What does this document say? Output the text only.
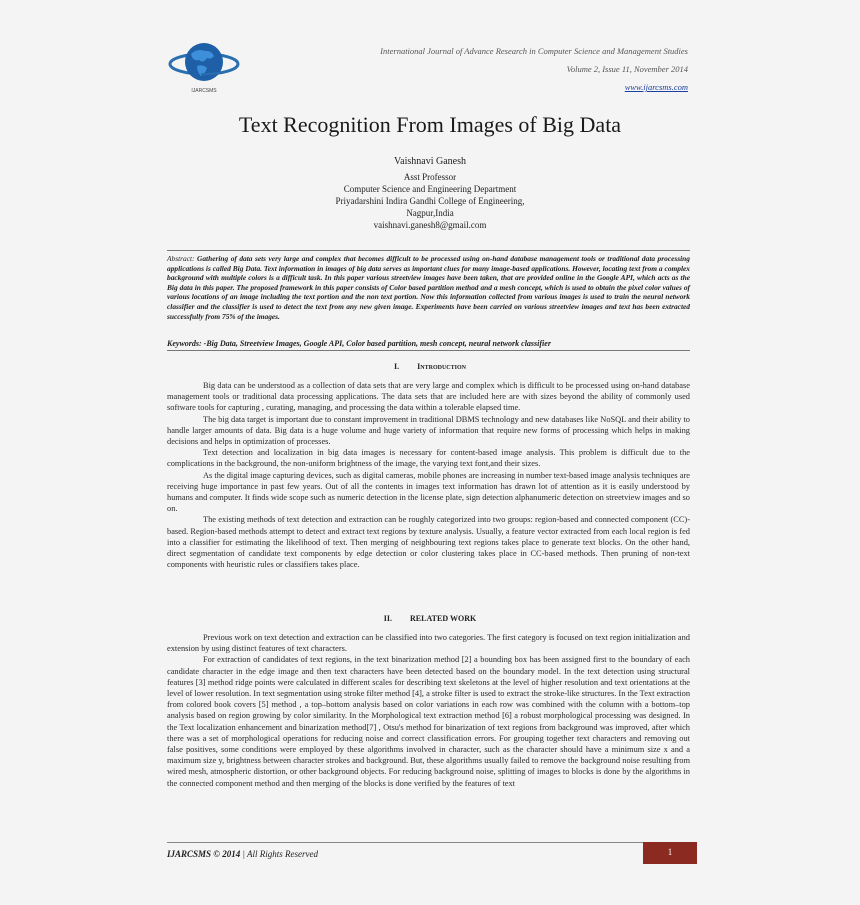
IJARCSMS
International Journal of Advance Research in Computer Science and Management Studies
Volume 2, Issue 11, November 2014
www.ijarcsms.com
Text Recognition From Images of Big Data
Vaishnavi Ganesh
Asst Professor
Computer Science and Engineering Department
Priyadarshini Indira Gandhi College of Engineering,
Nagpur,India
vaishnavi.ganesh8@gmail.com
Abstract: Gathering of data sets very large and complex that becomes difficult to be processed using on-hand database management tools or traditional data processing applications is called Big Data. Text information in images of big data serves as important clues for many image-based applications. However, locating text from a complex background with multiple colors is a difficult task. In this paper various streetview images have been taken, that are provided online in the Google API, which acts as the Big data in this paper. The proposed framework in this paper consists of Color based partition method and a mesh concept, which is used to obtain the pixel color values of various locations of an image including the text portion and the non text portion. Now this information collected from various images is used to train the neural network classifier and the classifier is used to detect the text from any new given image. Experiments have been carried on various streetview images and text has been extracted successfully from 75% of the images.
Keywords: -Big Data, Streetview Images, Google API, Color based partition, mesh concept, neural network classifier
I. Introduction

Big data can be understood as a collection of data sets that are very large and complex which is difficult to be processed using on-hand database management tools or traditional data processing applications. The data sets that are included here are with sizes beyond the ability of commonly used software tools for capturing , curating, managing, and processing the data within a tolerable elapsed time.

The big data target is important due to constant improvement in traditional DBMS technology and new databases like NoSQL and their ability to handle larger amounts of data. Big data is a huge volume and huge variety of information that require new forms of processing which helps in making decisions and helps in optimization of processes.

Text detection and localization in big data images is necessary for content-based image analysis. This problem is difficult due to the complications in the background, the non-uniform brightness of the image, the varying text font,and their sizes.

As the digital image capturing devices, such as digital cameras, mobile phones are increasing in number text-based image analysis techniques are receiving huge importance in past few years. Out of all the contents in images text information has drawn lot of attention as it is easily understood by humans and computer. It finds wide scope such as numeric detection in the license plate, sign detection alphanumeric detection on streetview images and so on.

The existing methods of text detection and extraction can be roughly categorized into two groups: region-based and connected component (CC)-based. Region-based methods attempt to detect and extract text regions by texture analysis. Usually, a feature vector extracted from each local region is fed into a classifier for estimating the likelihood of text. Then merging of neighbouring text regions takes place to generate text blocks. On the other hand, direct segmentation of candidate text components by edge detection or color clustering takes place in CC-based methods. Then pruning of non-text components with heuristic rules or classifiers takes place.

II. RELATED WORK

Previous work on text detection and extraction can be classified into two categories. The first category is focused on text region initialization and extension by using distinct features of text characters.

For extraction of candidates of text regions, in the text binarization method [2] a bounding box has been assigned first to the boundary of each candidate character in the edge image and then text characters have been detected based on the boundary model. In the text detection using structural features [3] method ridge points were calculated in different scales for describing text skeletons at the level of higher resolution and text orientations at the level of lower resolution. In text segmentation using stroke filter method [4], a stroke filter is used to extract the stroke-like structures. In the Text extraction from colored book covers [5] method , a top–bottom analysis based on color variations in each row was combined with the column with a bottom–top analysis based on region growing by color similarity. In the Morphological text extraction method [6] a robust morphological processing was designed. In the Text localization enhancement and binarization method[7] , Otsu's method for binarization of text regions from background was improved, after which there was a set of morphological operations for reducing noise and correct classification errors. For grouping together text characters and removing out false positives, some conditions were employed by these algorithms involved in character, such as the character should have a minimum size x and a maximum size y, brightness between character strokes and background. But, these algorithms usually failed to remove the background noise resulting from wired mesh, atmospheric distortion, or other background objects. For reducing background noise, splitting of images to blocks is done by the algorithms in the connected component method and then merging of the blocks is done verified by the features of text

IJARCSMS © 2014 | All Rights Reserved	1
